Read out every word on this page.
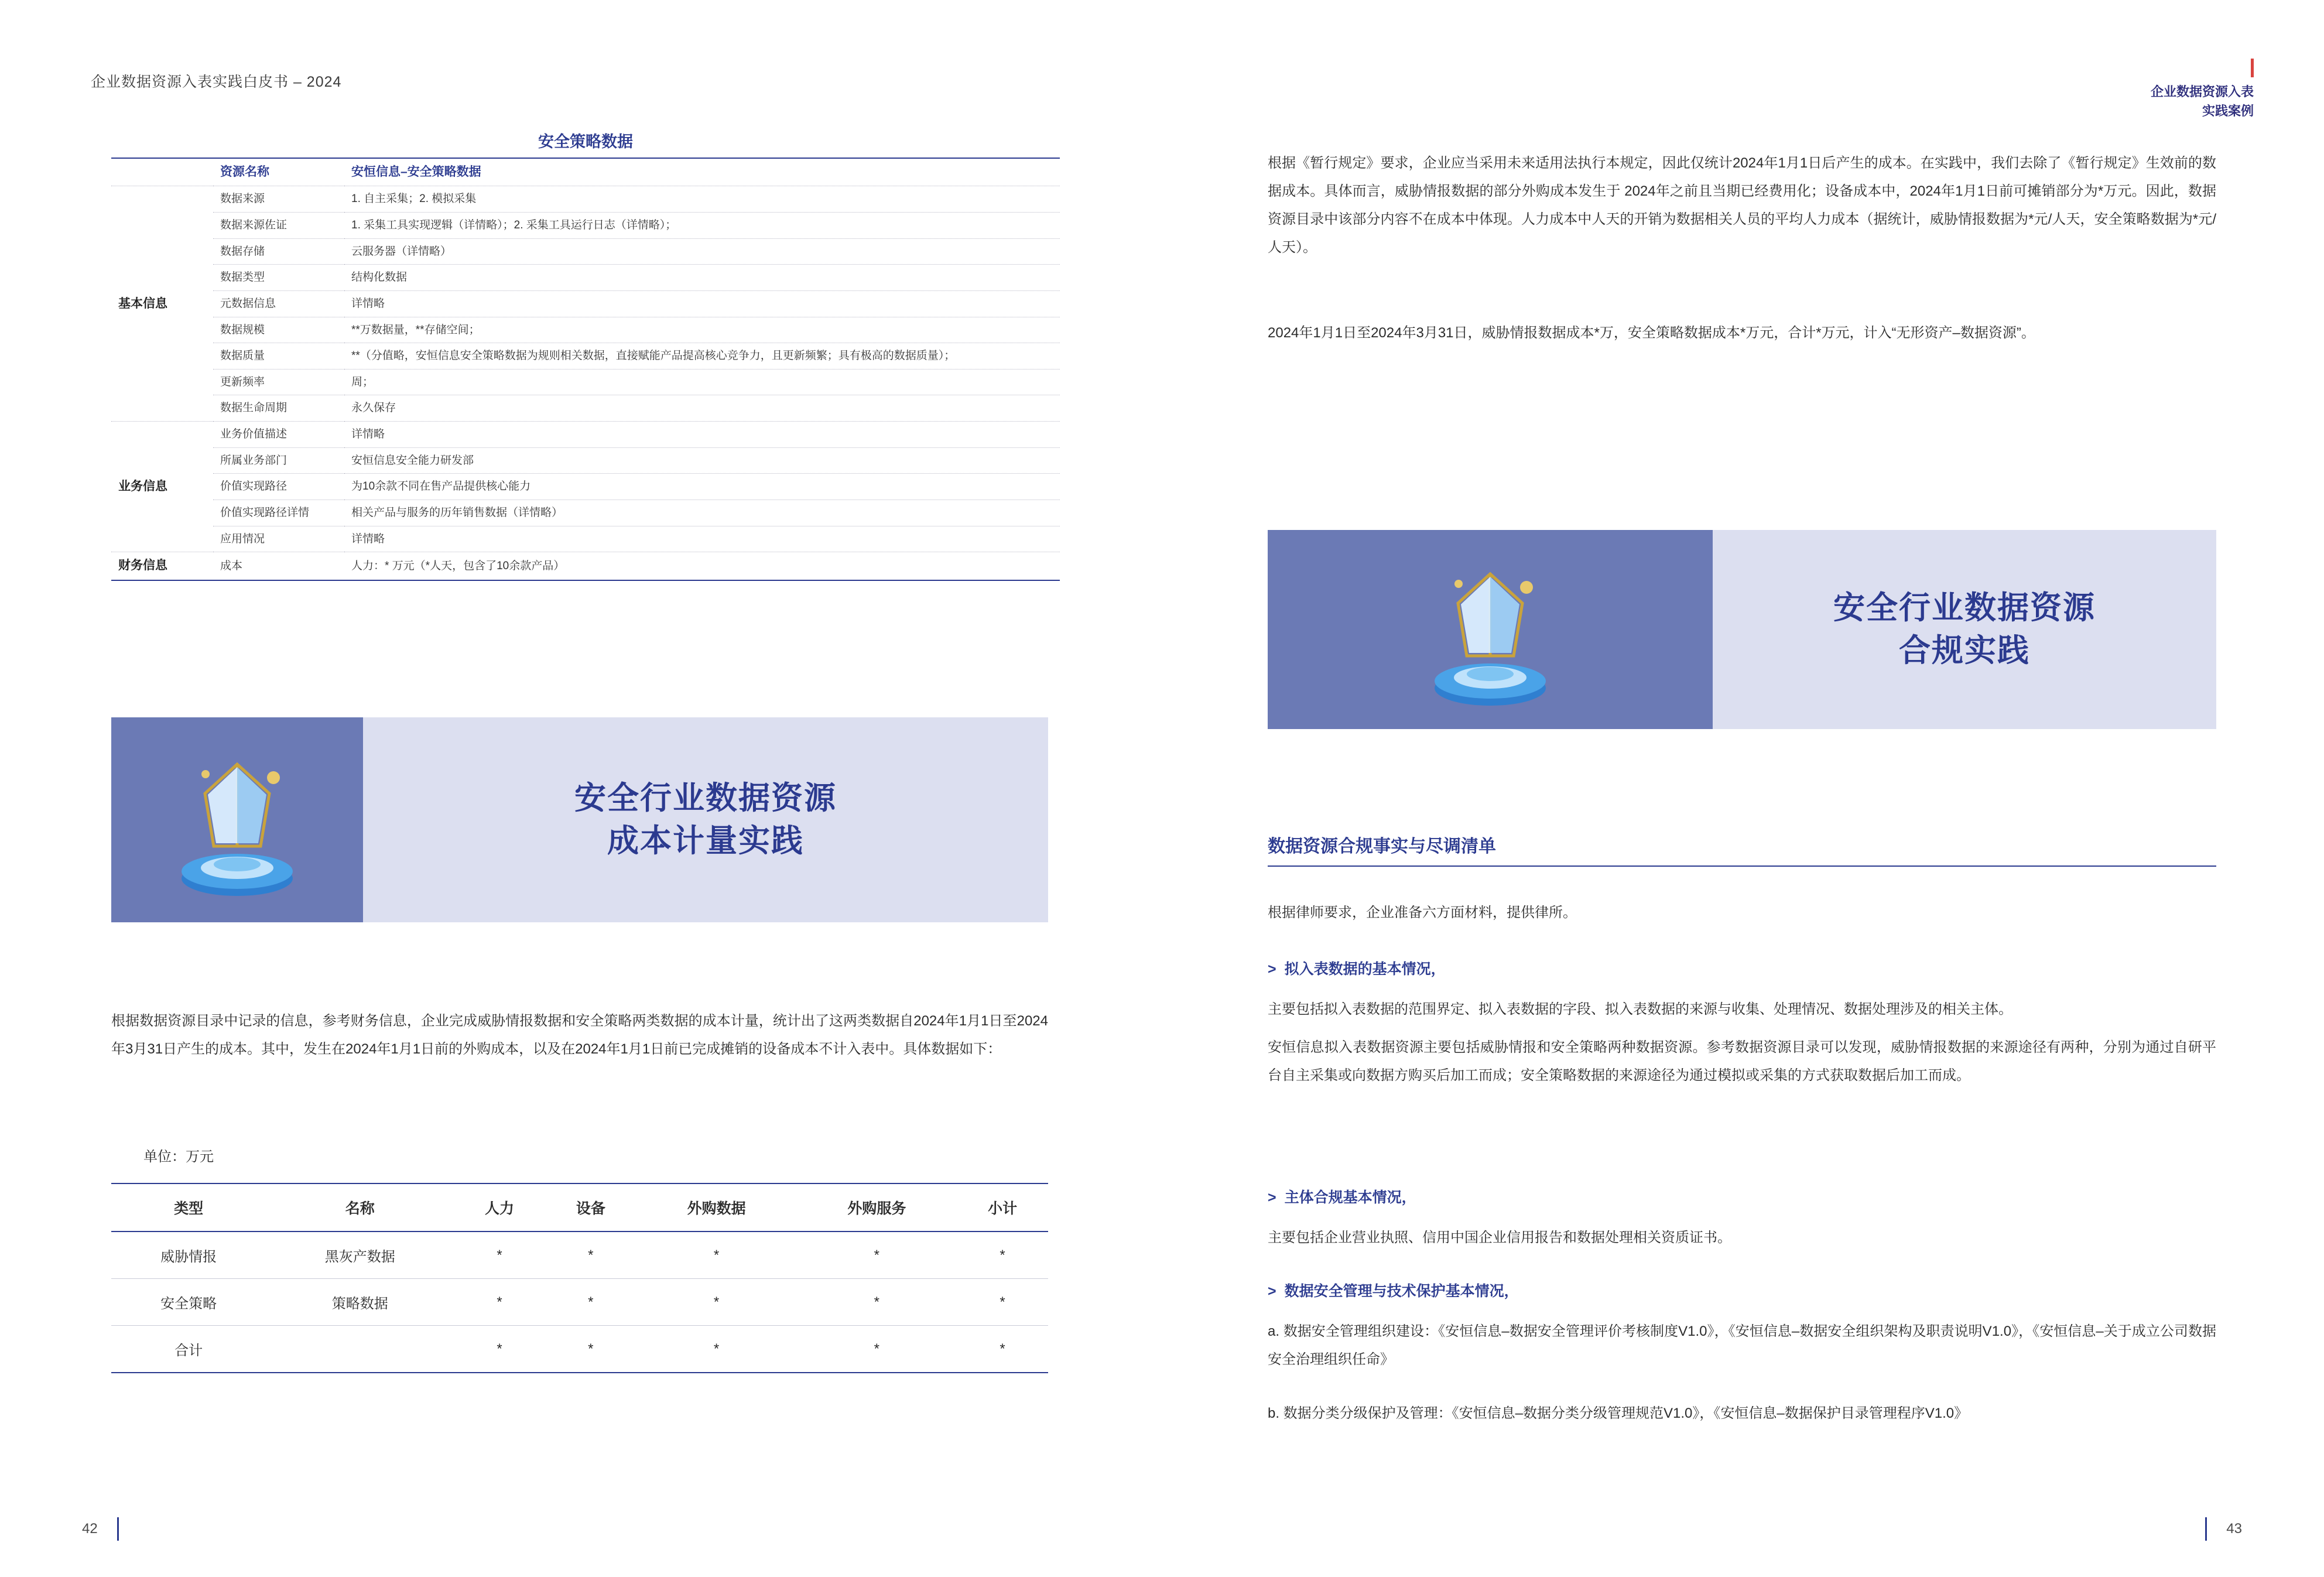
企业数据资源入表实践白皮书 – 2024
安全策略数据
	资源名称	安恒信息–安全策略数据
基本信息	数据来源	1. 自主采集；2. 模拟采集
	数据来源佐证	1. 采集工具实现逻辑（详情略）；2. 采集工具运行日志（详情略）；
	数据存储	云服务器（详情略）
	数据类型	结构化数据
	元数据信息	详情略
	数据规模	**万数据量，**存储空间；
	数据质量	**（分值略，安恒信息安全策略数据为规则相关数据，直接赋能产品提高核心竞争力，且更新频繁；具有极高的数据质量）；
	更新频率	周；
	数据生命周期	永久保存
业务信息	业务价值描述	详情略
	所属业务部门	安恒信息安全能力研发部
	价值实现路径	为10余款不同在售产品提供核心能力
	价值实现路径详情	相关产品与服务的历年销售数据（详情略）
	应用情况	详情略
财务信息	成本	人力：* 万元（*人天，包含了10余款产品）
安全行业数据资源
成本计量实践
根据数据资源目录中记录的信息，参考财务信息，企业完成威胁情报数据和安全策略两类数据的成本计量，统计出了这两类数据自2024年1月1日至2024年3月31日产生的成本。其中，发生在2024年1月1日前的外购成本，以及在2024年1月1日前已完成摊销的设备成本不计入表中。具体数据如下：
单位：万元
类型	名称	人力	设备	外购数据	外购服务	小计
威胁情报	黑灰产数据	*	*	*	*	*
安全策略	策略数据	*	*	*	*	*
合计		*	*	*	*	*
42
企业数据资源入表
实践案例
根据《暂行规定》要求，企业应当采用未来适用法执行本规定，因此仅统计2024年1月1日后产生的成本。在实践中，我们去除了《暂行规定》生效前的数据成本。具体而言，威胁情报数据的部分外购成本发生于 2024年之前且当期已经费用化；设备成本中，2024年1月1日前可摊销部分为*万元。因此，数据资源目录中该部分内容不在成本中体现。人力成本中人天的开销为数据相关人员的平均人力成本（据统计，威胁情报数据为*元/人天，安全策略数据为*元/人天）。
2024年1月1日至2024年3月31日，威胁情报数据成本*万，安全策略数据成本*万元，合计*万元，计入“无形资产–数据资源”。
安全行业数据资源
合规实践
数据资源合规事实与尽调清单
根据律师要求，企业准备六方面材料，提供律所。
> 拟入表数据的基本情况，
主要包括拟入表数据的范围界定、拟入表数据的字段、拟入表数据的来源与收集、处理情况、数据处理涉及的相关主体。
安恒信息拟入表数据资源主要包括威胁情报和安全策略两种数据资源。参考数据资源目录可以发现，威胁情报数据的来源途径有两种，分别为通过自研平台自主采集或向数据方购买后加工而成；安全策略数据的来源途径为通过模拟或采集的方式获取数据后加工而成。
> 主体合规基本情况，
主要包括企业营业执照、信用中国企业信用报告和数据处理相关资质证书。
> 数据安全管理与技术保护基本情况，
a. 数据安全管理组织建设：《安恒信息–数据安全管理评价考核制度V1.0》，《安恒信息–数据安全组织架构及职责说明V1.0》，《安恒信息–关于成立公司数据安全治理组织任命》
b. 数据分类分级保护及管理：《安恒信息–数据分类分级管理规范V1.0》，《安恒信息–数据保护目录管理程序V1.0》
43
